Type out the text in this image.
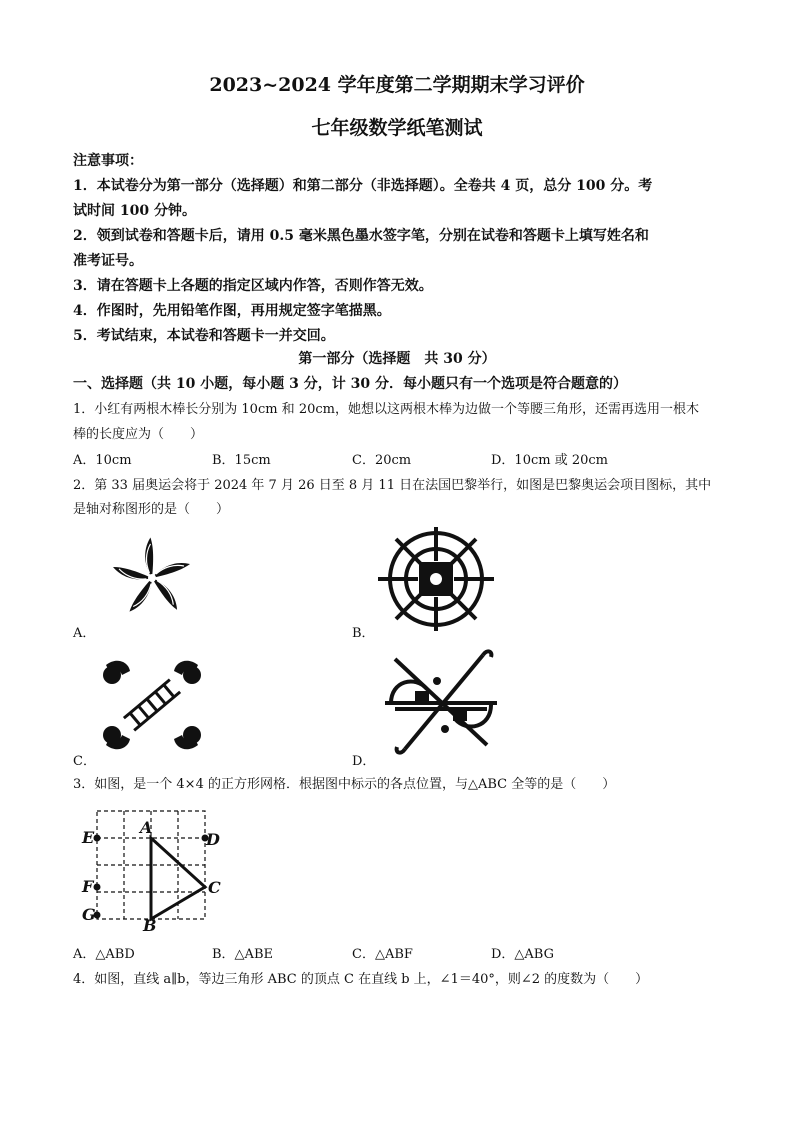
2023~2024 学年度第二学期期末学习评价
七年级数学纸笔测试
注意事项：
1．本试卷分为第一部分（选择题）和第二部分（非选择题）。全卷共 4 页，总分 100 分。考
试时间 100 分钟。
2．领到试卷和答题卡后，请用 0.5 毫米黑色墨水签字笔，分别在试卷和答题卡上填写姓名和
准考证号。
3．请在答题卡上各题的指定区域内作答，否则作答无效。
4．作图时，先用铅笔作图，再用规定签字笔描黑。
5．考试结束，本试卷和答题卡一并交回。
第一部分（选择题　共 30 分）
一、选择题（共 10 小题，每小题 3 分，计 30 分．每小题只有一个选项是符合题意的）
1．小红有两根木棒长分别为 10cm 和 20cm，她想以这两根木棒为边做一个等腰三角形，还需再选用一根木
棒的长度应为（　　）
A．10cm	B．15cm	C．20cm	D．10cm 或 20cm
2．第 33 届奥运会将于 2024 年 7 月 26 日至 8 月 11 日在法国巴黎举行，如图是巴黎奥运会项目图标，其中
是轴对称图形的是（　　）
A．	B．
C．	D．
3．如图，是一个 4×4 的正方形网格．根据图中标示的各点位置，与△ABC 全等的是（　　）
E
A
D
F	C
G
B
A．△ABD	B．△ABE	C．△ABF	D．△ABG
4．如图，直线 a∥b，等边三角形 ABC 的顶点 C 在直线 b 上，∠1＝40°，则∠2 的度数为（　　）
